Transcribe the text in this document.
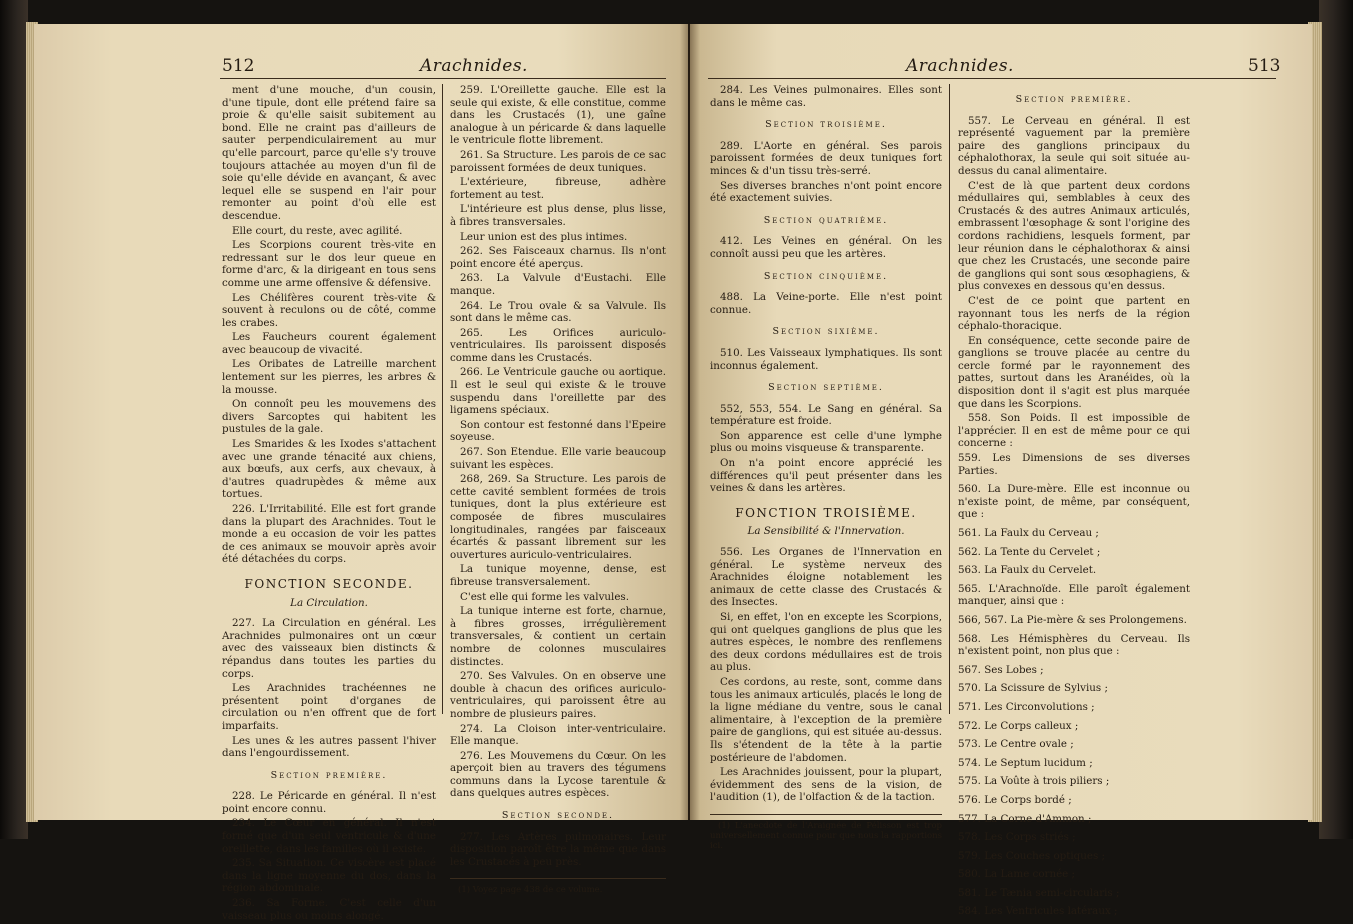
512	Arachnides.	Arachnides.	513

ment d'une mouche, d'un cousin, d'une tipule, dont elle prétend faire sa proie & qu'elle saisit subitement au bond. Elle ne craint pas d'ailleurs de sauter perpendiculairement au mur qu'elle parcourt, parce qu'elle s'y trouve toujours attachée au moyen d'un fil de soie qu'elle dévide en avançant, & avec lequel elle se suspend en l'air pour remonter au point d'où elle est descendue.

Elle court, du reste, avec agilité.

Les Scorpions courent très-vite en redressant sur le dos leur queue en forme d'arc, & la dirigeant en tous sens comme une arme offensive & défensive.

Les Chélifères courent très-vite & souvent à reculons ou de côté, comme les crabes.

Les Faucheurs courent également avec beaucoup de vivacité.

Les Oribates de Latreille marchent lentement sur les pierres, les arbres & la mousse.

On connoît peu les mouvemens des divers Sarcoptes qui habitent les pustules de la gale.

Les Smarides & les Ixodes s'attachent avec une grande ténacité aux chiens, aux bœufs, aux cerfs, aux chevaux, à d'autres quadrupèdes & même aux tortues.

226. L'Irritabilité. Elle est fort grande dans la plupart des Arachnides. Tout le monde a eu occasion de voir les pattes de ces animaux se mouvoir après avoir été détachées du corps.

FONCTION SECONDE.

La Circulation.

227. La Circulation en général. Les Arachnides pulmonaires ont un cœur avec des vaisseaux bien distincts & répandus dans toutes les parties du corps.

Les Arachnides trachéennes ne présentent point d'organes de circulation ou n'en offrent que de fort imparfaits.

Les unes & les autres passent l'hiver dans l'engourdissement.

Section première.

228. Le Péricarde en général. Il n'est point encore connu.

234. Le Cœur en général. Il n'est formé que d'un seul ventricule & d'une oreillette, dans les familles où il existe.

235. Sa Situation. Ce viscère est placé dans la ligne moyenne du dos, dans la région abdominale.

236. Sa Forme. C'est celle d'un vaisseau plus ou moins alongé.

259. L'Oreillette gauche. Elle est la seule qui existe, & elle constitue, comme dans les Crustacés (1), une gaîne analogue à un péricarde & dans laquelle le ventricule flotte librement.

261. Sa Structure. Les parois de ce sac paroissent formées de deux tuniques.

L'extérieure, fibreuse, adhère fortement au test.

L'intérieure est plus dense, plus lisse, à fibres transversales.

Leur union est des plus intimes.

262. Ses Faisceaux charnus. Ils n'ont point encore été aperçus.

263. La Valvule d'Eustachi. Elle manque.

264. Le Trou ovale & sa Valvule. Ils sont dans le même cas.

265. Les Orifices auriculo-ventriculaires. Ils paroissent disposés comme dans les Crustacés.

266. Le Ventricule gauche ou aortique. Il est le seul qui existe & le trouve suspendu dans l'oreillette par des ligamens spéciaux.

Son contour est festonné dans l'Epeire soyeuse.

267. Son Etendue. Elle varie beaucoup suivant les espèces.

268, 269. Sa Structure. Les parois de cette cavité semblent formées de trois tuniques, dont la plus extérieure est composée de fibres musculaires longitudinales, rangées par faisceaux écartés & passant librement sur les ouvertures auriculo-ventriculaires.

La tunique moyenne, dense, est fibreuse transversalement.

C'est elle qui forme les valvules.

La tunique interne est forte, charnue, à fibres grosses, irrégulièrement transversales, & contient un certain nombre de colonnes musculaires distinctes.

270. Ses Valvules. On en observe une double à chacun des orifices auriculo-ventriculaires, qui paroissent être au nombre de plusieurs paires.

274. La Cloison inter-ventriculaire. Elle manque.

276. Les Mouvemens du Cœur. On les aperçoit bien au travers des tégumens communs dans la Lycose tarentule & dans quelques autres espèces.

Section seconde.

277. Les Artères pulmonaires. Leur disposition paroît être la même que dans les Crustacés à peu près.

(1) Voyez page 438 de ce volume.

284. Les Veines pulmonaires. Elles sont dans le même cas.

Section troisième.

289. L'Aorte en général. Ses parois paroissent formées de deux tuniques fort minces & d'un tissu très-serré.

Ses diverses branches n'ont point encore été exactement suivies.

Section quatrième.

412. Les Veines en général. On les connoît aussi peu que les artères.

Section cinquième.

488. La Veine-porte. Elle n'est point connue.

Section sixième.

510. Les Vaisseaux lymphatiques. Ils sont inconnus également.

Section septième.

552, 553, 554. Le Sang en général. Sa température est froide.

Son apparence est celle d'une lymphe plus ou moins visqueuse & transparente.

On n'a point encore apprécié les différences qu'il peut présenter dans les veines & dans les artères.

FONCTION TROISIÈME.

La Sensibilité & l'Innervation.

556. Les Organes de l'Innervation en général. Le système nerveux des Arachnides éloigne notablement les animaux de cette classe des Crustacés & des Insectes.

Si, en effet, l'on en excepte les Scorpions, qui ont quelques ganglions de plus que les autres espèces, le nombre des renflemens des deux cordons médullaires est de trois au plus.

Ces cordons, au reste, sont, comme dans tous les animaux articulés, placés le long de la ligne médiane du ventre, sous le canal alimentaire, à l'exception de la première paire de ganglions, qui est située au-dessus. Ils s'étendent de la tête à la partie postérieure de l'abdomen.

Les Arachnides jouissent, pour la plupart, évidemment des sens de la vision, de l'audition (1), de l'olfaction & de la taction.

(1) L'anecdote de l'Araignée de Pélisson est trop universellement connue pour que nous la rapportions ici.

Section première.

557. Le Cerveau en général. Il est représenté vaguement par la première paire des ganglions principaux du céphalothorax, la seule qui soit située au-dessus du canal alimentaire.

C'est de là que partent deux cordons médullaires qui, semblables à ceux des Crustacés & des autres Animaux articulés, embrassent l'œsophage & sont l'origine des cordons rachidiens, lesquels forment, par leur réunion dans le céphalothorax & ainsi que chez les Crustacés, une seconde paire de ganglions qui sont sous œsophagiens, & plus convexes en dessous qu'en dessus.

C'est de ce point que partent en rayonnant tous les nerfs de la région céphalo-thoracique.

En conséquence, cette seconde paire de ganglions se trouve placée au centre du cercle formé par le rayonnement des pattes, surtout dans les Aranéides, où la disposition dont il s'agit est plus marquée que dans les Scorpions.

558. Son Poids. Il est impossible de l'apprécier. Il en est de même pour ce qui concerne :

559. Les Dimensions de ses diverses Parties.

560. La Dure-mère. Elle est inconnue ou n'existe point, de même, par conséquent, que :

561. La Faulx du Cerveau ;

562. La Tente du Cervelet ;

563. La Faulx du Cervelet.

565. L'Arachnoïde. Elle paroît également manquer, ainsi que :

566, 567. La Pie-mère & ses Prolongemens.

568. Les Hémisphères du Cerveau. Ils n'existent point, non plus que :

567. Ses Lobes ;

570. La Scissure de Sylvius ;

571. Les Circonvolutions ;

572. Le Corps calleux ;

573. Le Centre ovale ;

574. Le Septum lucidum ;

575. La Voûte à trois piliers ;

576. Le Corps bordé ;

577. La Corne d'Ammon ;

578. Les Corps striés ;

579. Les Couches optiques ;

580. La Lame cornée ;

581. Le Tænia semi-circularis ;

584. Les Ventricules latéraux ;
